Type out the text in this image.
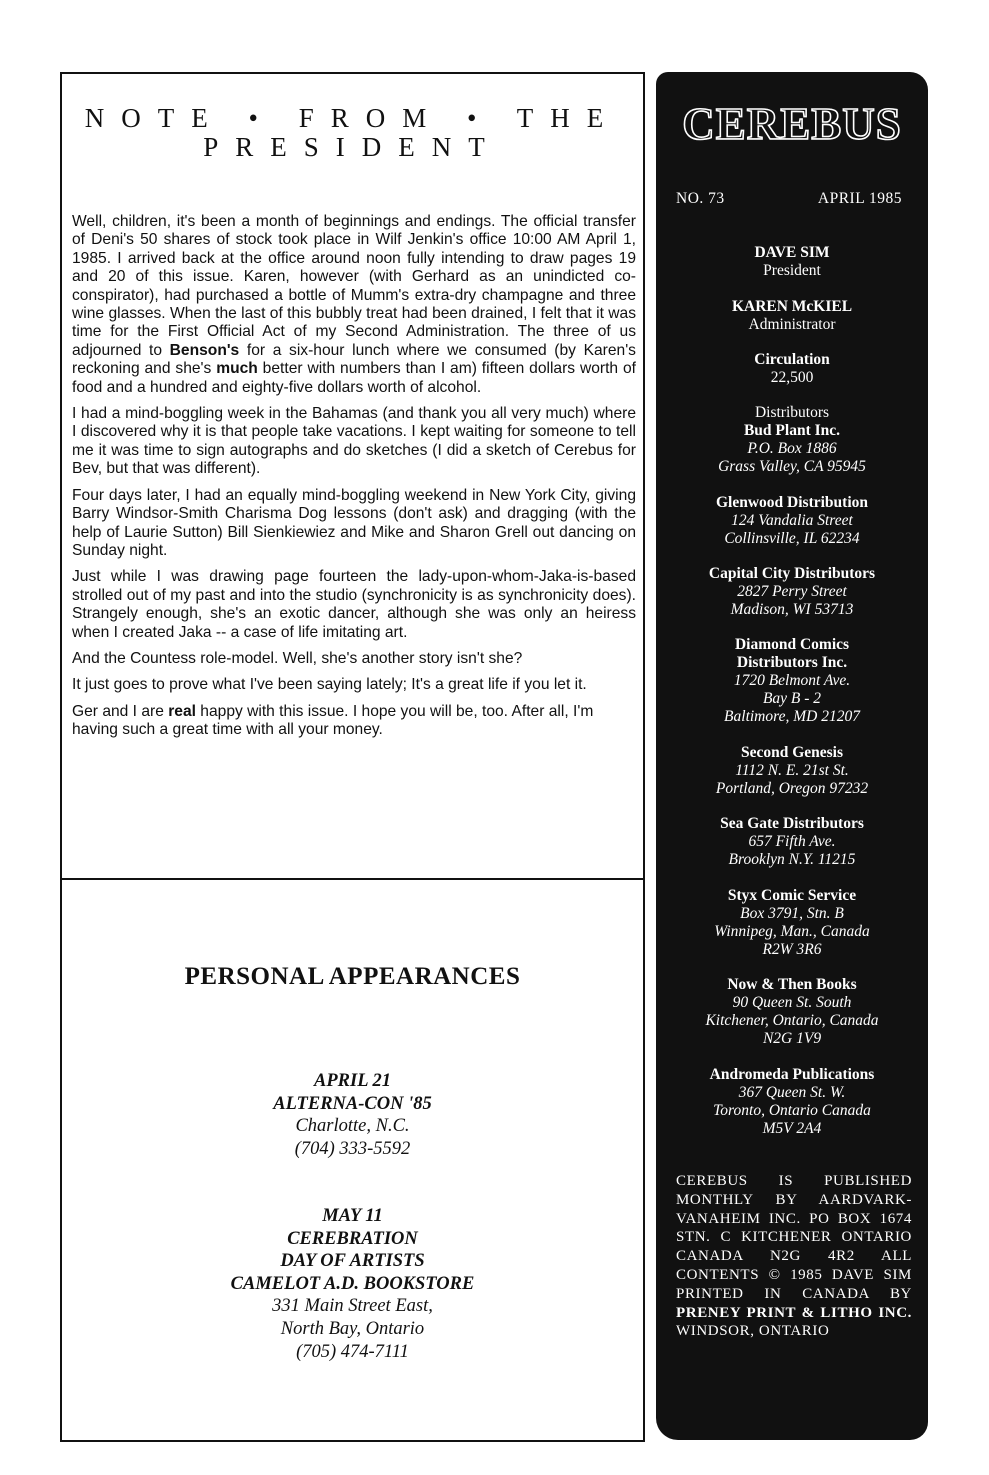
NOTE • FROM • THE
PRESIDENT

Well, children, it's been a month of beginnings and endings. The official transfer of Deni's 50 shares of stock took place in Wilf Jenkin's office 10:00 AM April 1, 1985. I arrived back at the office around noon fully intending to draw pages 19 and 20 of this issue. Karen, however (with Gerhard as an unindicted co-conspirator), had purchased a bottle of Mumm's extra-dry champagne and three wine glasses. When the last of this bubbly treat had been drained, I felt that it was time for the First Official Act of my Second Administration. The three of us adjourned to Benson's for a six-hour lunch where we consumed (by Karen's reckoning and she's much better with numbers than I am) fifteen dollars worth of food and a hundred and eighty-five dollars worth of alcohol.

I had a mind-boggling week in the Bahamas (and thank you all very much) where I discovered why it is that people take vacations. I kept waiting for someone to tell me it was time to sign autographs and do sketches (I did a sketch of Cerebus for Bev, but that was different).

Four days later, I had an equally mind-boggling weekend in New York City, giving Barry Windsor-Smith Charisma Dog lessons (don't ask) and dragging (with the help of Laurie Sutton) Bill Sienkiewiez and Mike and Sharon Grell out dancing on Sunday night.

Just while I was drawing page fourteen the lady-upon-whom-Jaka-is-based strolled out of my past and into the studio (synchronicity is as synchronicity does). Strangely enough, she's an exotic dancer, although she was only an heiress when I created Jaka -- a case of life imitating art.

And the Countess role-model. Well, she's another story isn't she?

It just goes to prove what I've been saying lately; It's a great life if you let it.

Ger and I are real happy with this issue. I hope you will be, too. After all, I'm having such a great time with all your money.

PERSONAL APPEARANCES
APRIL 21
ALTERNA-CON '85
Charlotte, N.C.
(704) 333-5592
MAY 11
CEREBRATION
DAY OF ARTISTS
CAMELOT A.D. BOOKSTORE
331 Main Street East,
North Bay, Ontario
(705) 474-7111
CEREBUS
NO. 73	APRIL 1985
DAVE SIM
President
KAREN McKIEL
Administrator
Circulation
22,500
Distributors
Bud Plant Inc.
P.O. Box 1886
Grass Valley, CA 95945
Glenwood Distribution
124 Vandalia Street
Collinsville, IL 62234
Capital City Distributors
2827 Perry Street
Madison, WI 53713
Diamond Comics
Distributors Inc.
1720 Belmont Ave.
Bay B - 2
Baltimore, MD 21207
Second Genesis
1112 N. E. 21st St.
Portland, Oregon 97232
Sea Gate Distributors
657 Fifth Ave.
Brooklyn N.Y. 11215
Styx Comic Service
Box 3791, Stn. B
Winnipeg, Man., Canada
R2W 3R6
Now & Then Books
90 Queen St. South
Kitchener, Ontario, Canada
N2G 1V9
Andromeda Publications
367 Queen St. W.
Toronto, Ontario Canada
M5V 2A4
CEREBUS IS PUBLISHED MONTHLY BY AARDVARK-VANAHEIM INC. PO BOX 1674 STN. C KITCHENER ONTARIO CANADA N2G 4R2 ALL CONTENTS © 1985 DAVE SIM PRINTED IN CANADA BY PRENEY PRINT & LITHO INC. WINDSOR, ONTARIO
